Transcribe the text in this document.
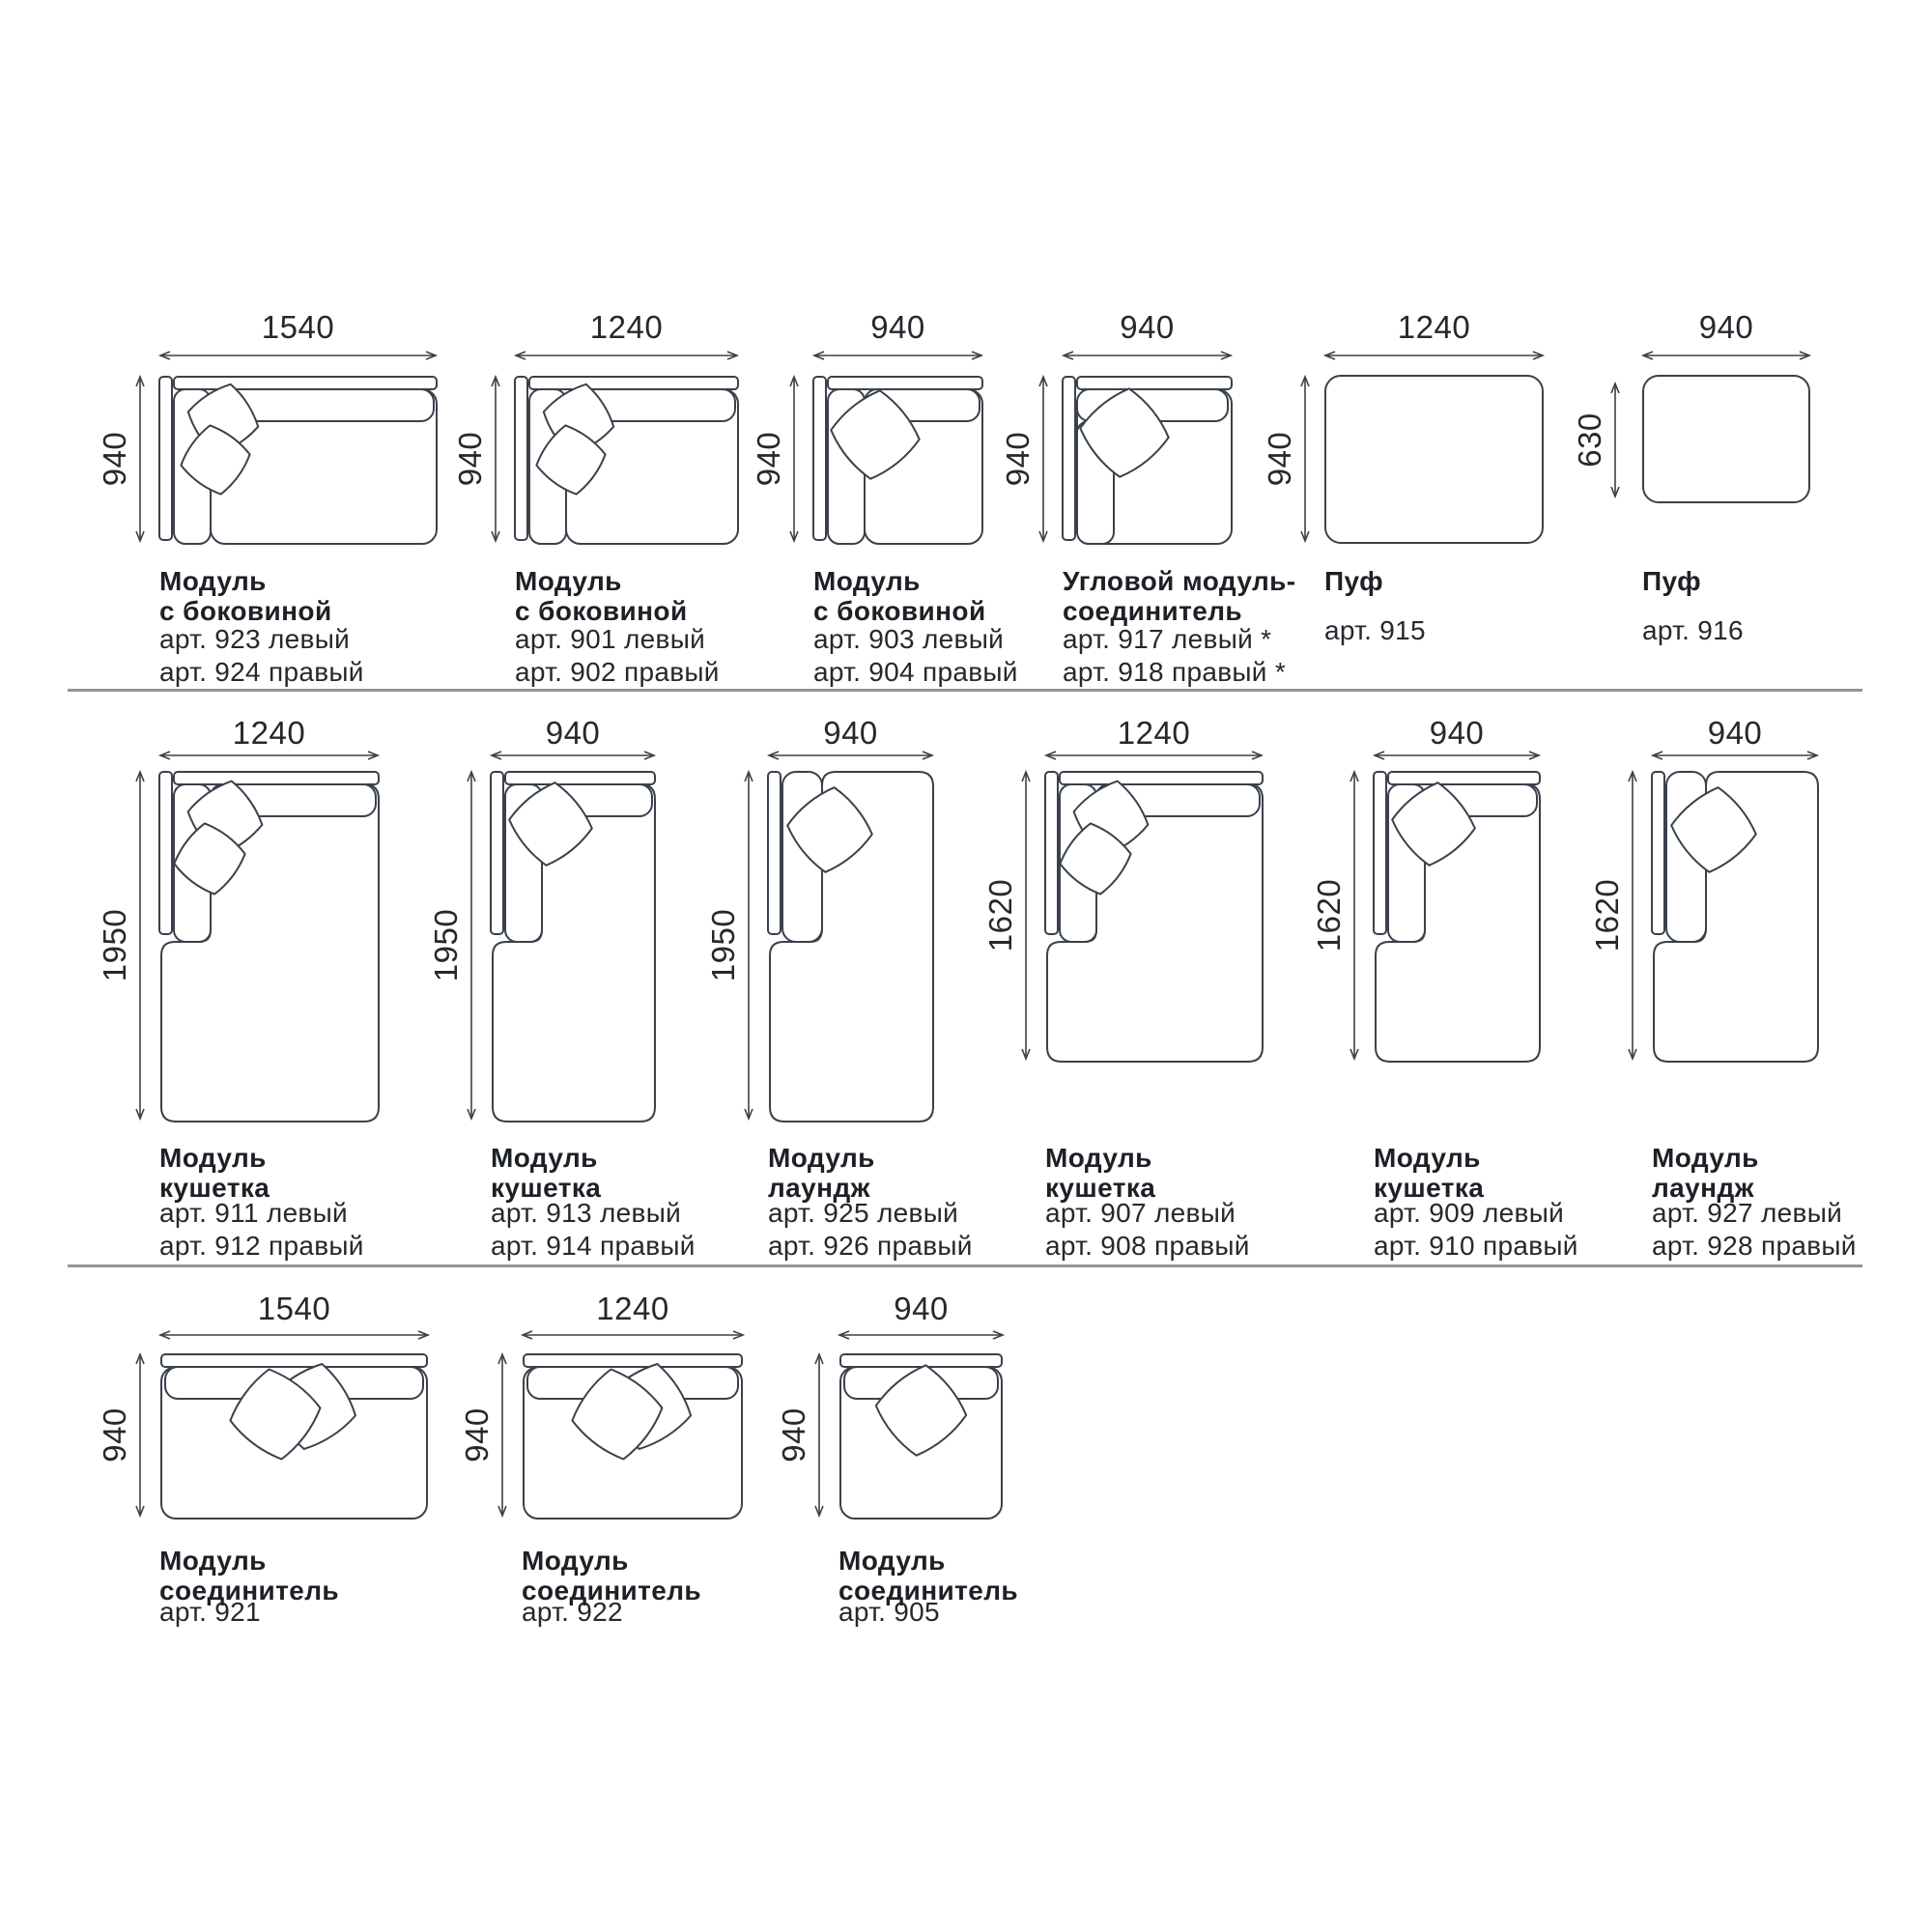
1540
940
1240
940
940
940
940
940
1240
940
940
630
1240
1950
940
1950
940
1950
1240
1620
940
1620
940
1620
1540
940
1240
940
940
940
Модуль
с боковиной
арт. 923 левый
арт. 924 правый
Модуль
с боковиной
арт. 901 левый
арт. 902 правый
Модуль
с боковиной
арт. 903 левый
арт. 904 правый
Угловой модуль-
соединитель
арт. 917 левый *
арт. 918 правый *
Пуф
арт. 915
Пуф
арт. 916
Модуль
кушетка
арт. 911 левый
арт. 912 правый
Модуль
кушетка
арт. 913 левый
арт. 914 правый
Модуль
лаундж
арт. 925 левый
арт. 926 правый
Модуль
кушетка
арт. 907 левый
арт. 908 правый
Модуль
кушетка
арт. 909 левый
арт. 910 правый
Модуль
лаундж
арт. 927 левый
арт. 928 правый
Модуль
соединитель
арт. 921
Модуль
соединитель
арт. 922
Модуль
соединитель
арт. 905
